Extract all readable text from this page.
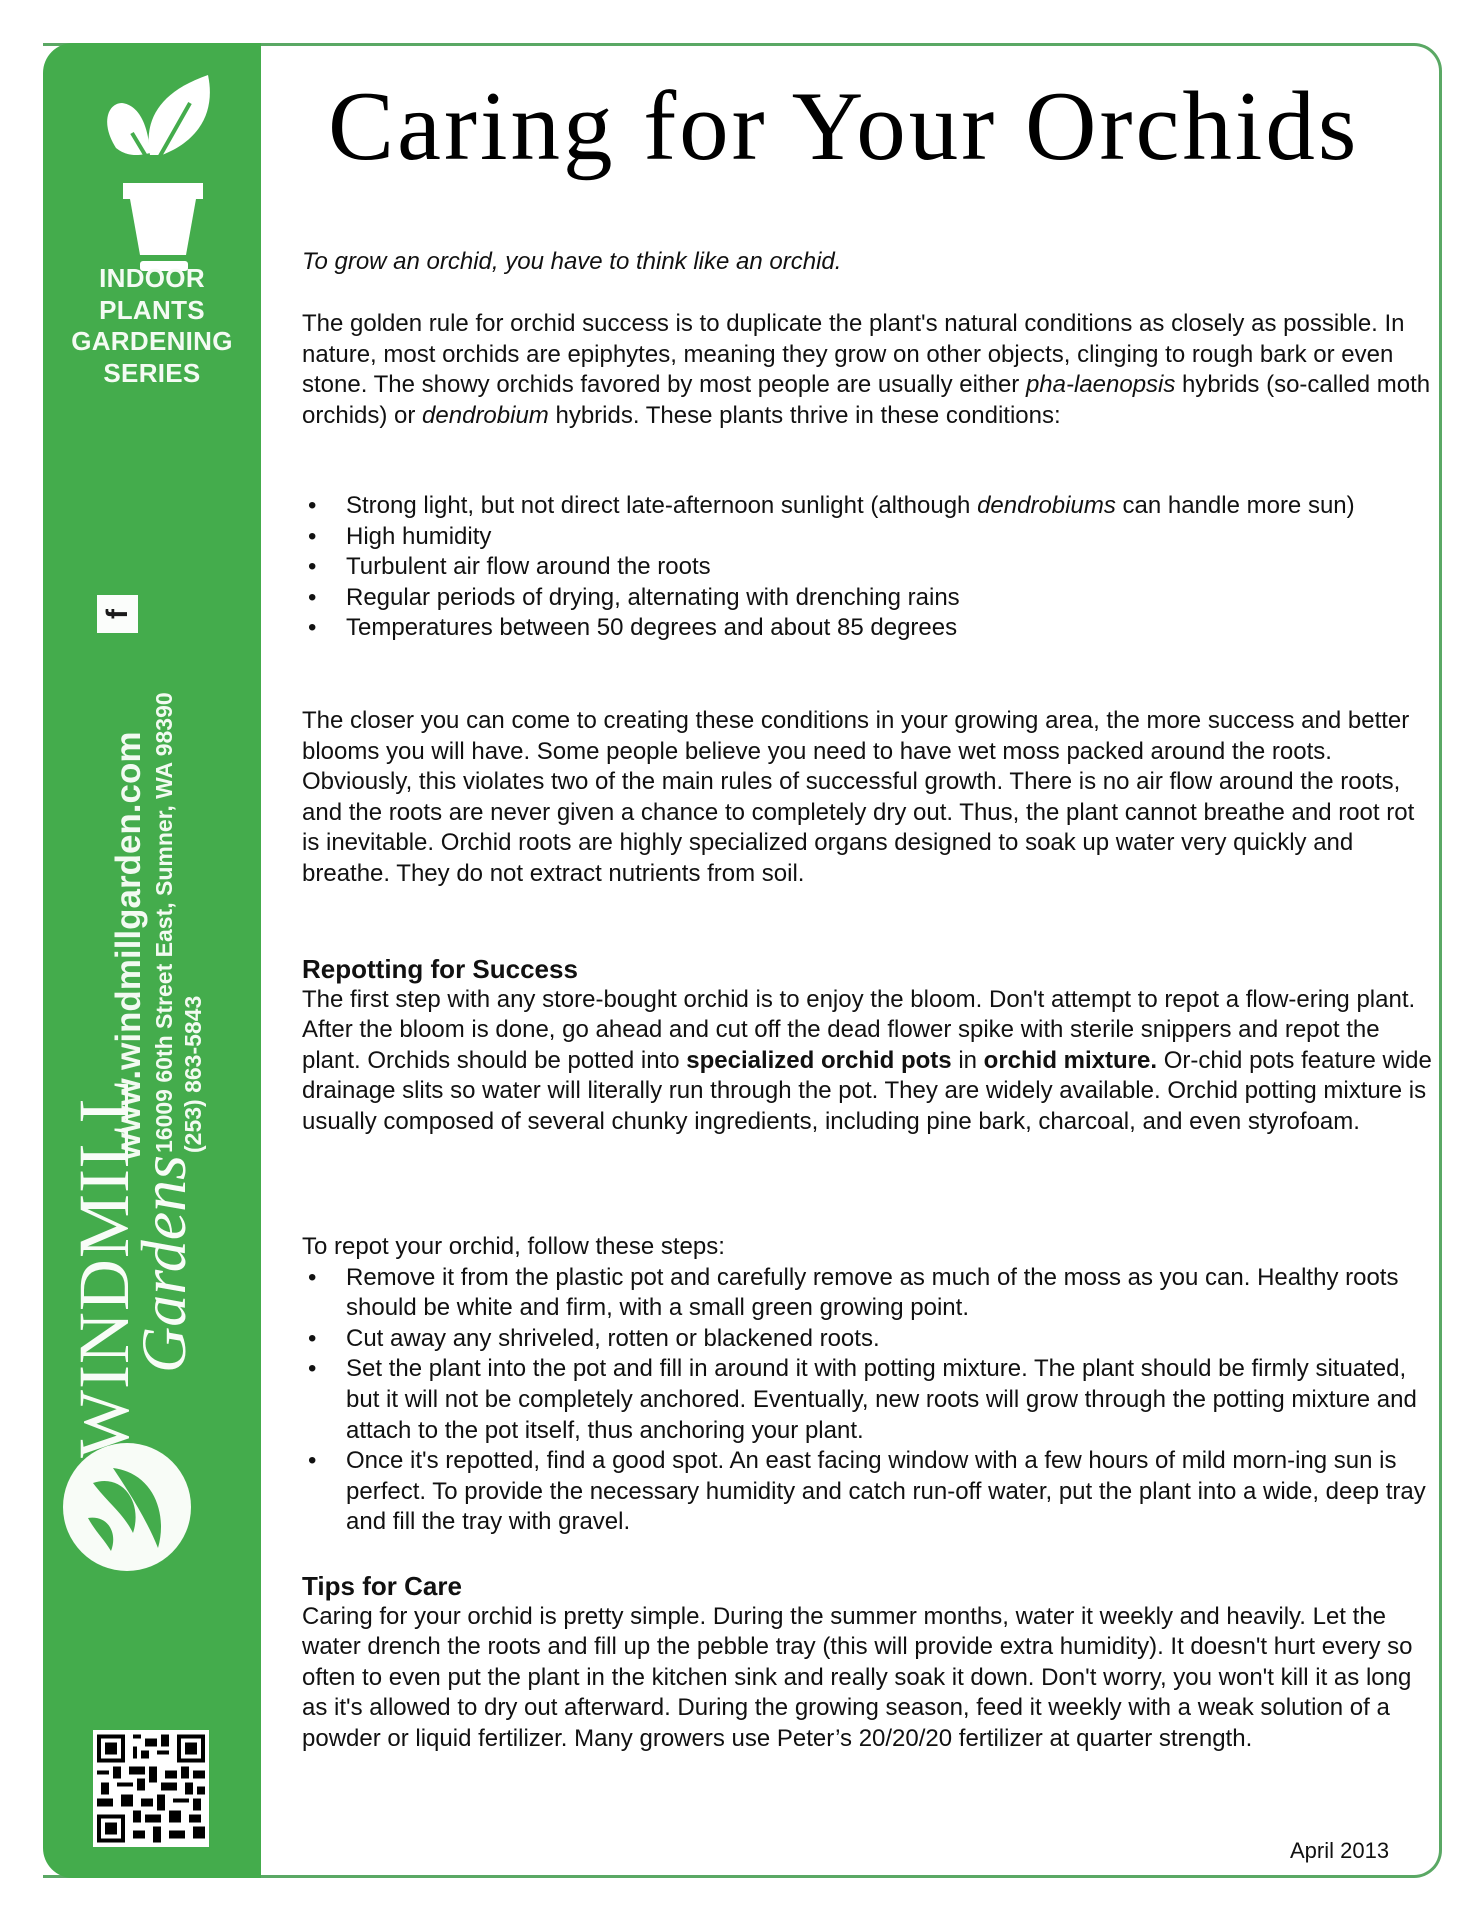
INDOOR
PLANTS
GARDENING
SERIES
f
www.windmillgarden.com 16009 60th Street East, Sumner, WA 98390 (253) 863-5843
WINDMILL
Gardens
Caring for Your Orchids

To grow an orchid, you have to think like an orchid.

The golden rule for orchid success is to duplicate the plant's natural conditions as closely as possible. In nature, most orchids are epiphytes, meaning they grow on other objects, clinging to rough bark or even stone. The showy orchids favored by most people are usually either pha-laenopsis hybrids (so-called moth orchids) or dendrobium hybrids. These plants thrive in these conditions:

• Strong light, but not direct late-afternoon sunlight (although dendrobiums can handle more sun)
• High humidity
• Turbulent air flow around the roots
• Regular periods of drying, alternating with drenching rains
• Temperatures between 50 degrees and about 85 degrees

The closer you can come to creating these conditions in your growing area, the more success and better blooms you will have. Some people believe you need to have wet moss packed around the roots. Obviously, this violates two of the main rules of successful growth. There is no air flow around the roots, and the roots are never given a chance to completely dry out. Thus, the plant cannot breathe and root rot is inevitable. Orchid roots are highly specialized organs designed to soak up water very quickly and breathe. They do not extract nutrients from soil.

Repotting for Success

The first step with any store-bought orchid is to enjoy the bloom. Don't attempt to repot a flow-ering plant.

After the bloom is done, go ahead and cut off the dead flower spike with sterile snippers and repot the plant. Orchids should be potted into specialized orchid pots in orchid mixture. Or-chid pots feature wide drainage slits so water will literally run through the pot. They are widely available. Orchid potting mixture is usually composed of several chunky ingredients, including pine bark, charcoal, and even styrofoam.

To repot your orchid, follow these steps:

• Remove it from the plastic pot and carefully remove as much of the moss as you can. Healthy roots should be white and firm, with a small green growing point.
• Cut away any shriveled, rotten or blackened roots.
• Set the plant into the pot and fill in around it with potting mixture. The plant should be firmly situated, but it will not be completely anchored. Eventually, new roots will grow through the potting mixture and attach to the pot itself, thus anchoring your plant.
• Once it's repotted, find a good spot. An east facing window with a few hours of mild morn-ing sun is perfect. To provide the necessary humidity and catch run-off water, put the plant into a wide, deep tray and fill the tray with gravel.
Tips for Care

Caring for your orchid is pretty simple. During the summer months, water it weekly and heavily. Let the water drench the roots and fill up the pebble tray (this will provide extra humidity). It doesn't hurt every so often to even put the plant in the kitchen sink and really soak it down. Don't worry, you won't kill it as long as it's allowed to dry out afterward. During the growing season, feed it weekly with a weak solution of a powder or liquid fertilizer. Many growers use Peter’s 20/20/20 fertilizer at quarter strength.

April 2013
